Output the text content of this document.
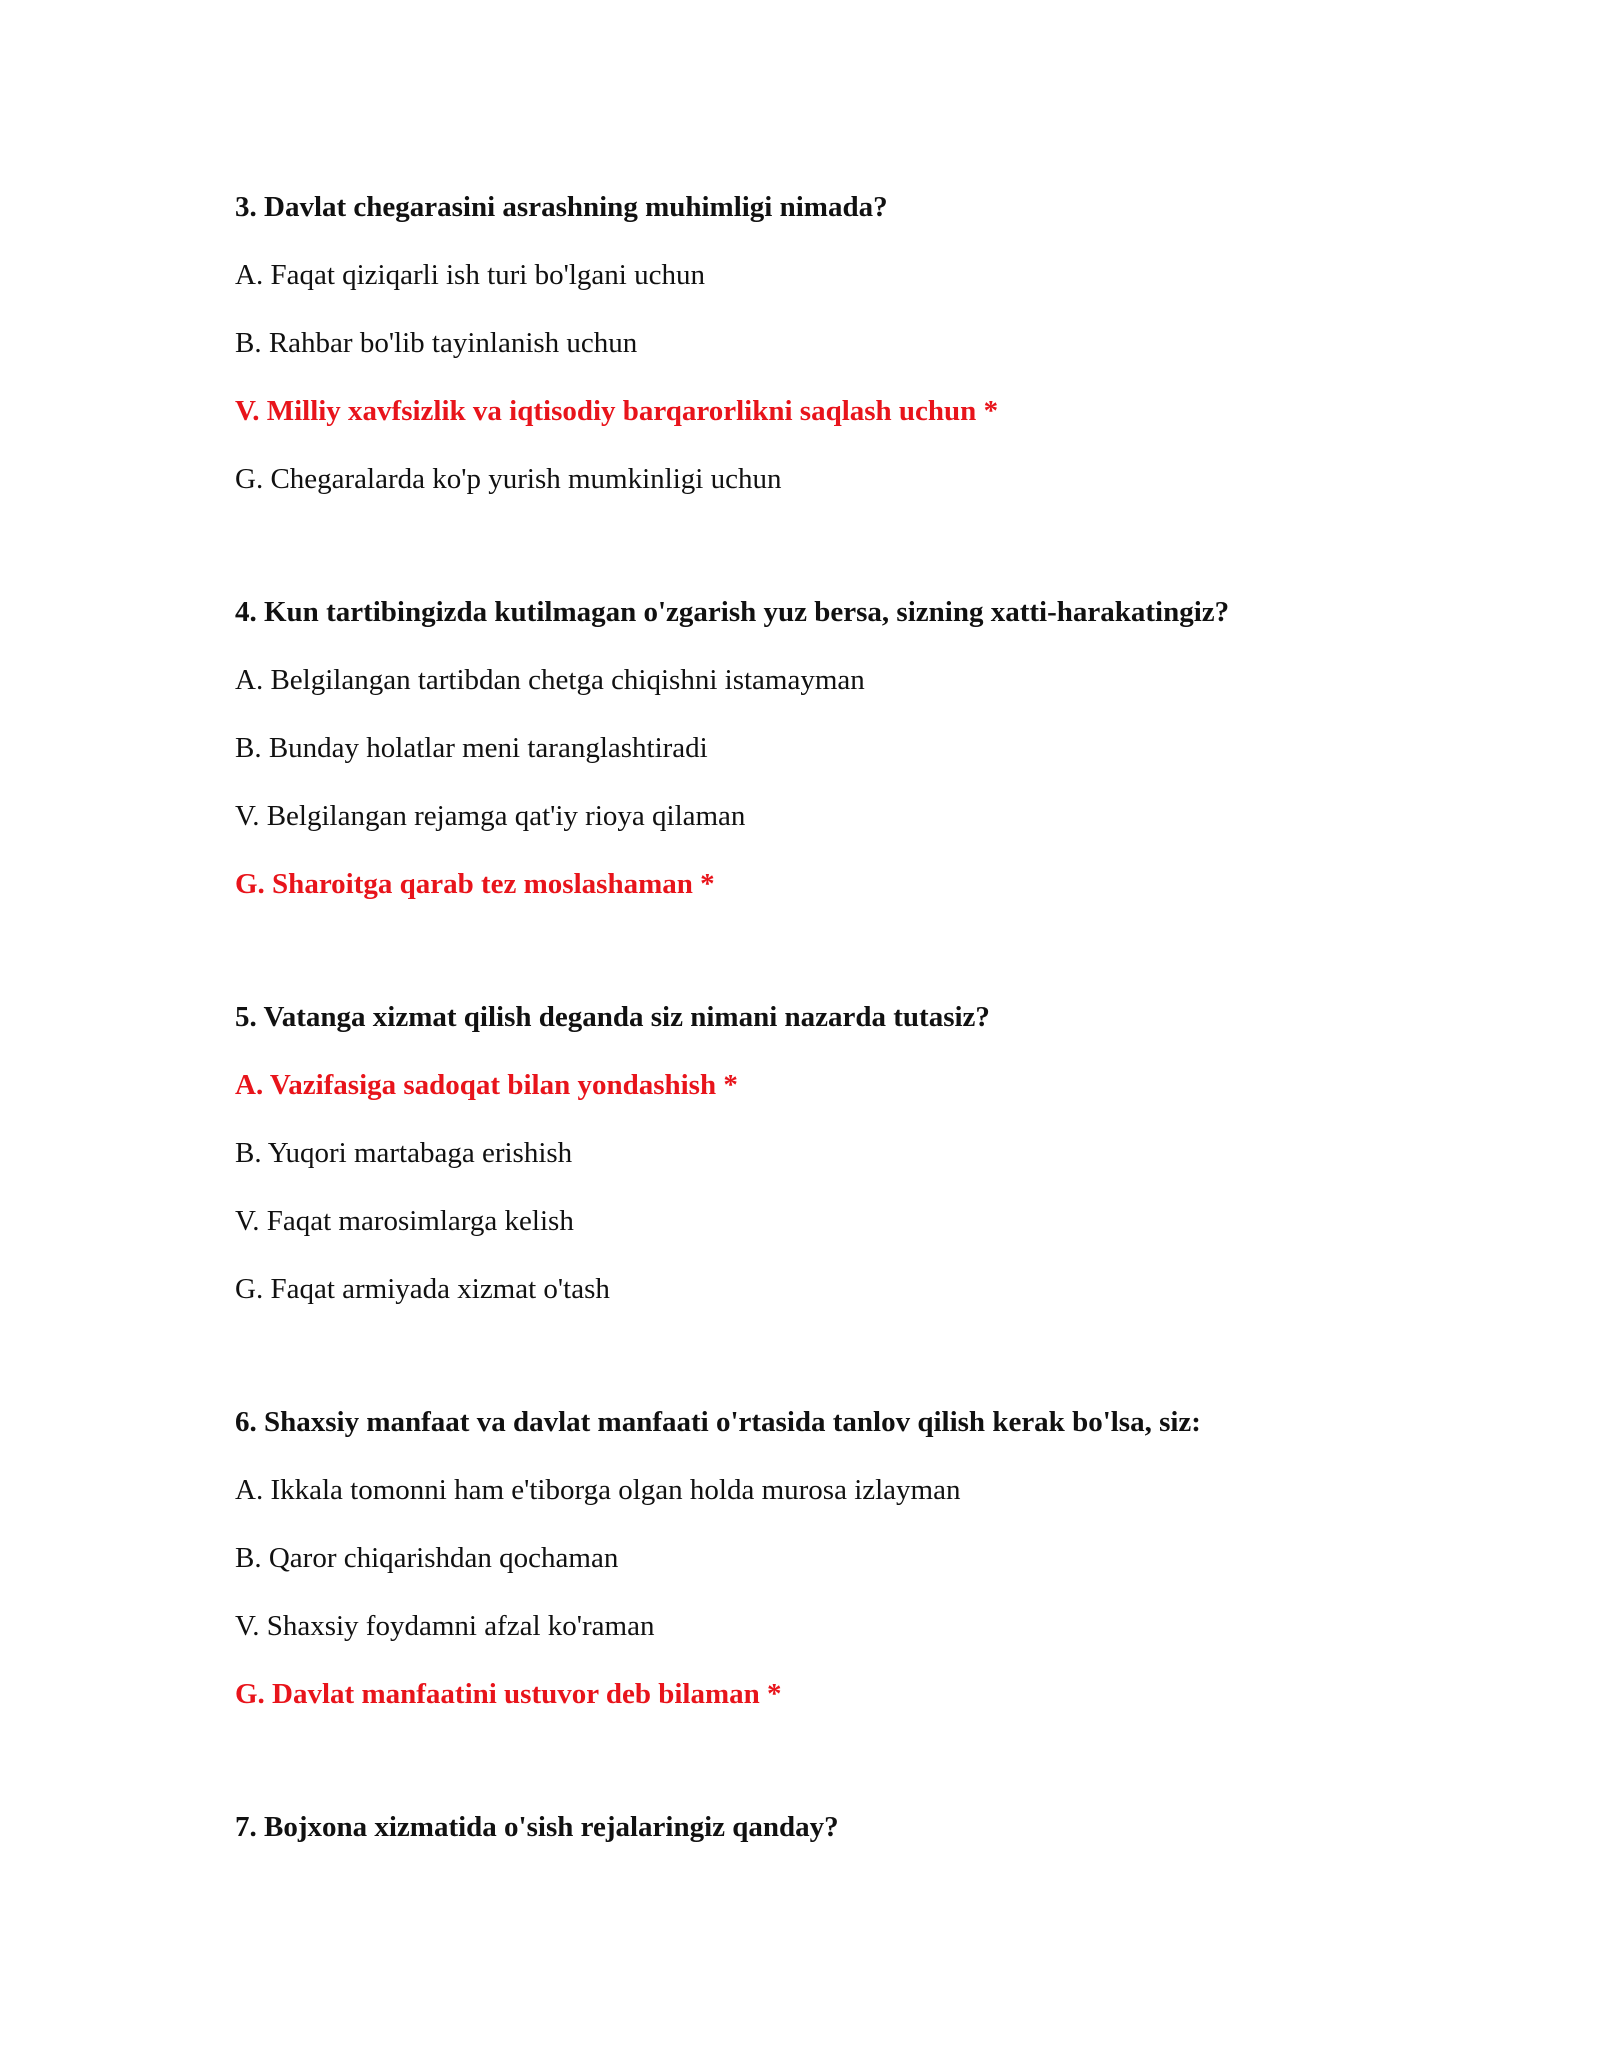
3. Davlat chegarasini asrashning muhimligi nimada?
A. Faqat qiziqarli ish turi bo'lgani uchun
B. Rahbar bo'lib tayinlanish uchun
V. Milliy xavfsizlik va iqtisodiy barqarorlikni saqlash uchun *
G. Chegaralarda ko'p yurish mumkinligi uchun
4. Kun tartibingizda kutilmagan o'zgarish yuz bersa, sizning xatti-harakatingiz?
A. Belgilangan tartibdan chetga chiqishni istamayman
B. Bunday holatlar meni taranglashtiradi
V. Belgilangan rejamga qat'iy rioya qilaman
G. Sharoitga qarab tez moslashaman *
5. Vatanga xizmat qilish deganda siz nimani nazarda tutasiz?
A. Vazifasiga sadoqat bilan yondashish *
B. Yuqori martabaga erishish
V. Faqat marosimlarga kelish
G. Faqat armiyada xizmat o'tash
6. Shaxsiy manfaat va davlat manfaati o'rtasida tanlov qilish kerak bo'lsa, siz:
A. Ikkala tomonni ham e'tiborga olgan holda murosa izlayman
B. Qaror chiqarishdan qochaman
V. Shaxsiy foydamni afzal ko'raman
G. Davlat manfaatini ustuvor deb bilaman *
7. Bojxona xizmatida o'sish rejalaringiz qanday?
